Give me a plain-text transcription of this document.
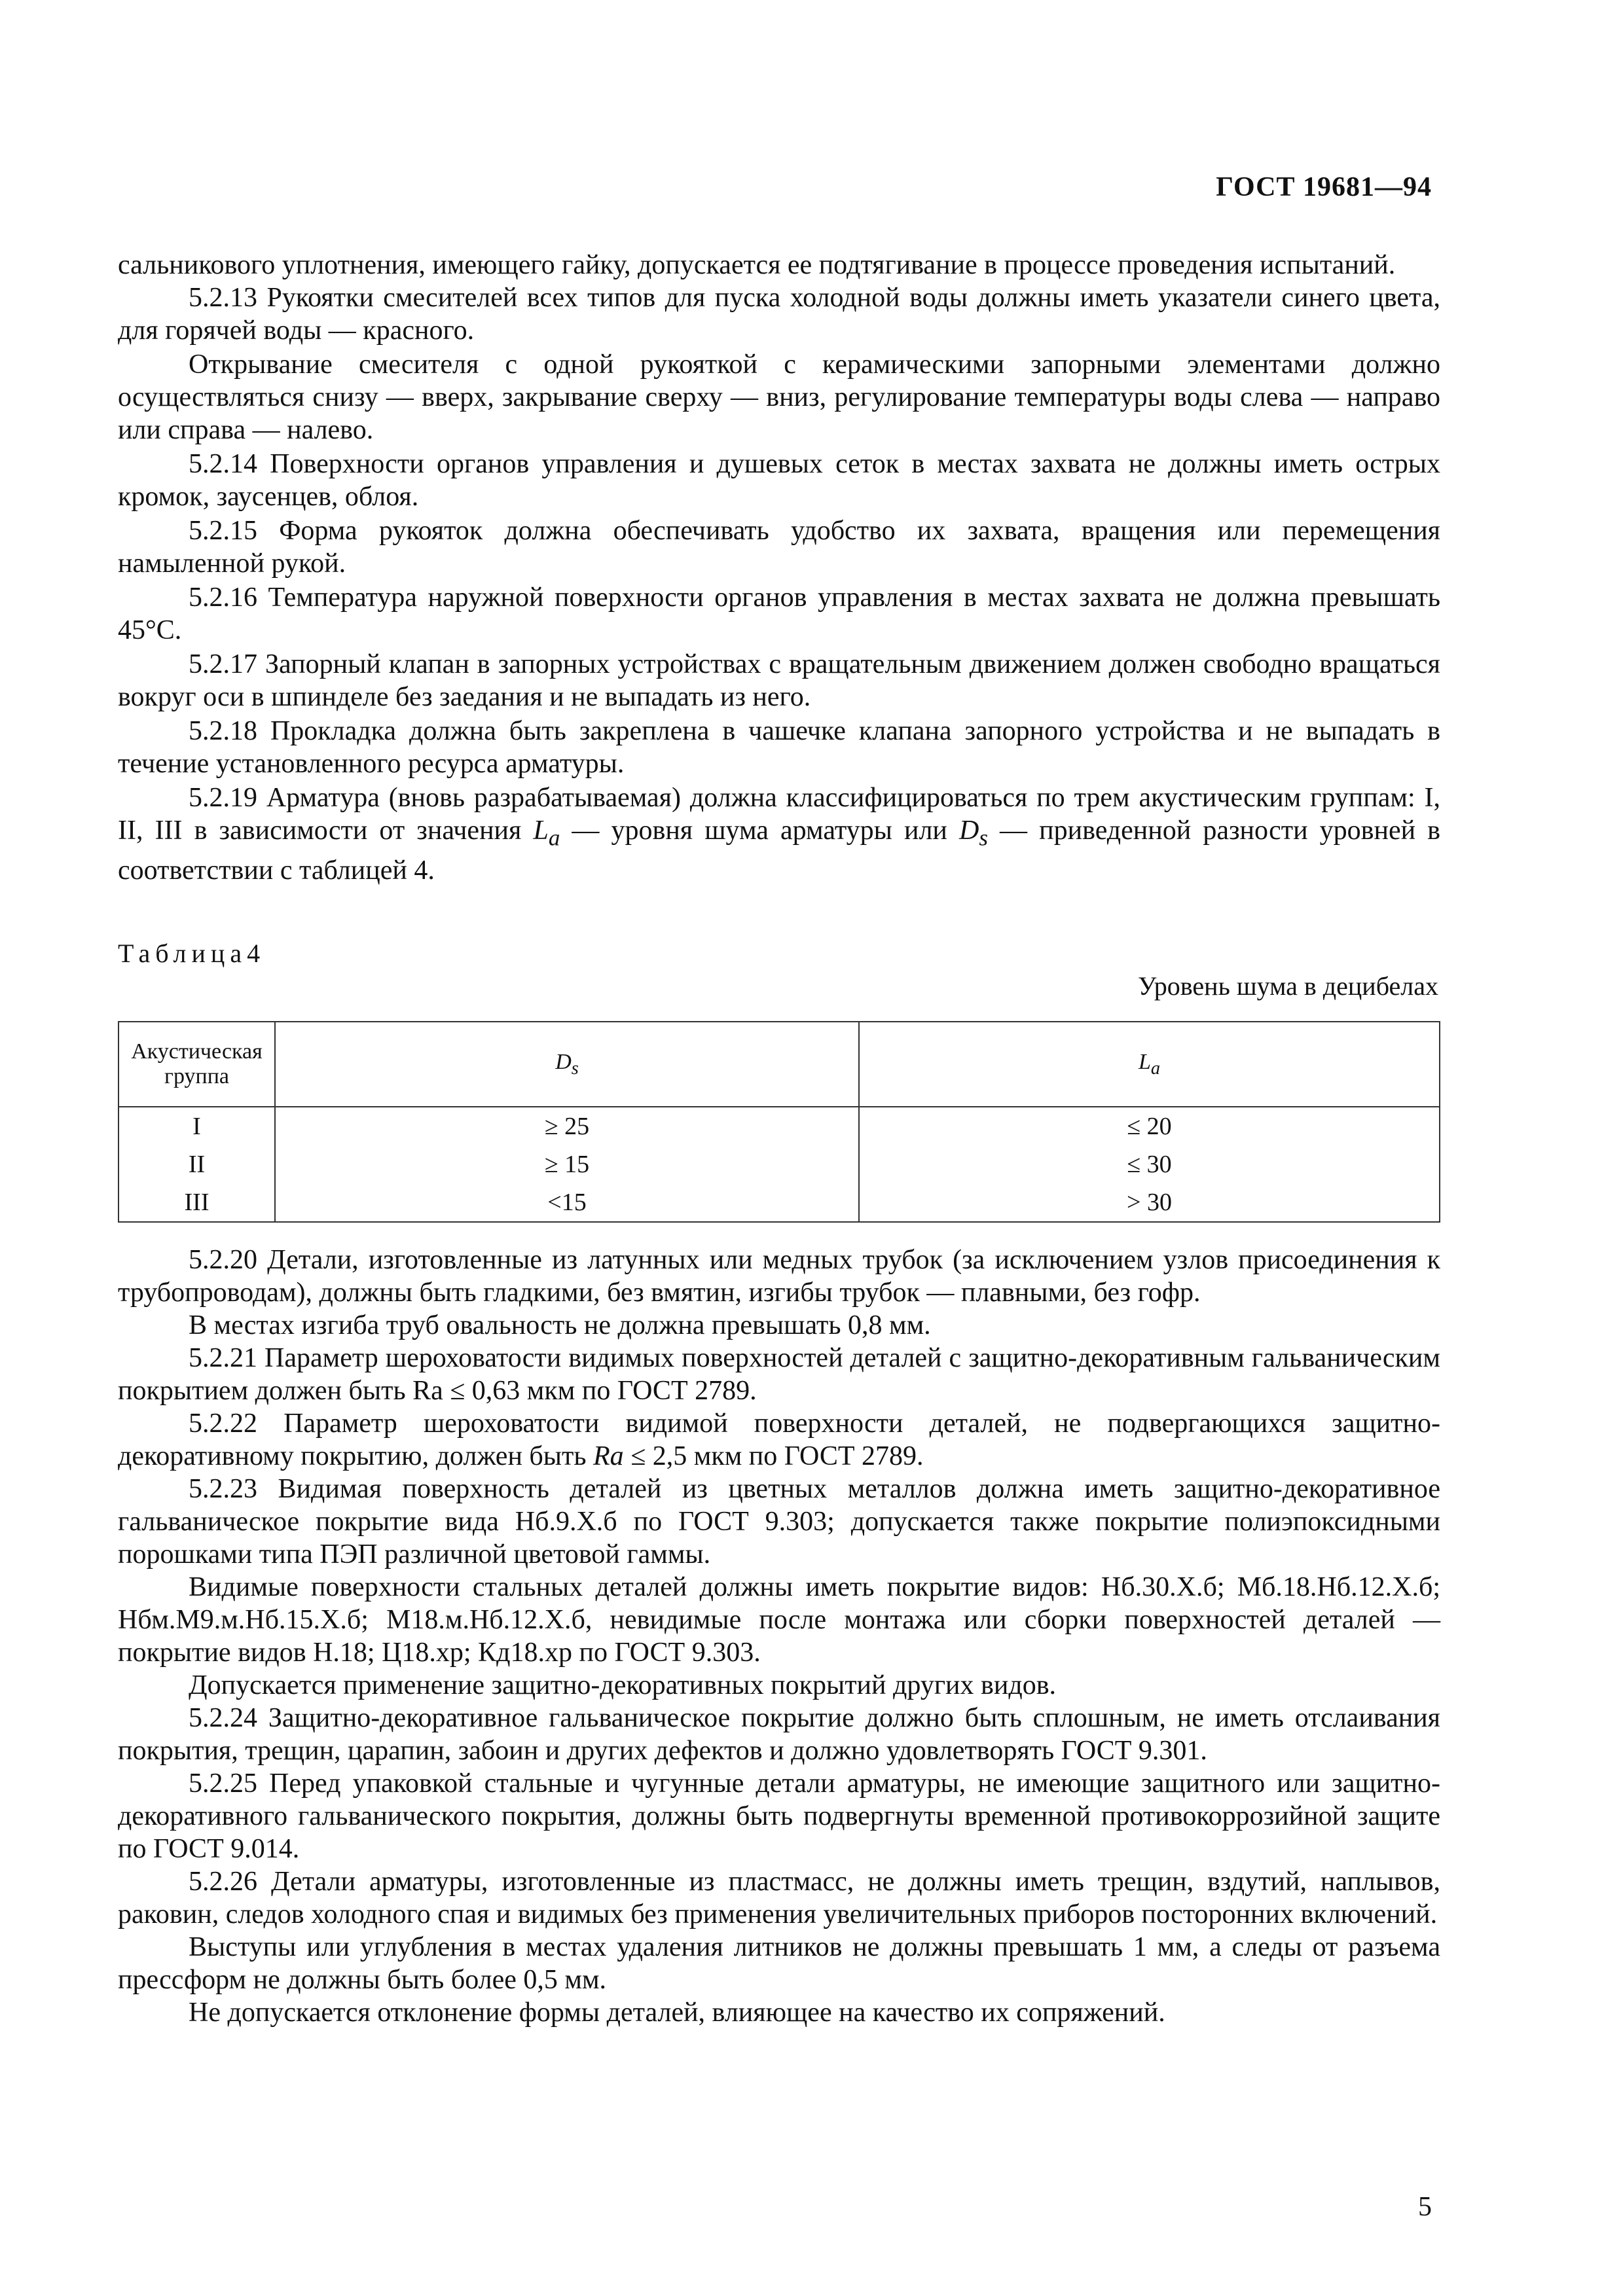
ГОСТ 19681—94

сальникового уплотнения, имеющего гайку, допускается ее подтягивание в процессе проведения испытаний.

5.2.13 Рукоятки смесителей всех типов для пуска холодной воды должны иметь указатели синего цвета, для горячей воды — красного.

Открывание смесителя с одной рукояткой с керамическими запорными элементами должно осуществляться снизу — вверх, закрывание сверху — вниз, регулирование температуры воды слева — направо или справа — налево.

5.2.14 Поверхности органов управления и душевых сеток в местах захвата не должны иметь острых кромок, заусенцев, облоя.

5.2.15 Форма рукояток должна обеспечивать удобство их захвата, вращения или перемещения намыленной рукой.

5.2.16 Температура наружной поверхности органов управления в местах захвата не должна превышать 45°С.

5.2.17 Запорный клапан в запорных устройствах с вращательным движением должен свободно вращаться вокруг оси в шпинделе без заедания и не выпадать из него.

5.2.18 Прокладка должна быть закреплена в чашечке клапана запорного устройства и не выпадать в течение установленного ресурса арматуры.

5.2.19 Арматура (вновь разрабатываемая) должна классифицироваться по трем акустическим группам: I, II, III в зависимости от значения $L_a$ — уровня шума арматуры или $D_s$ — приведенной разности уровней в соответствии с таблицей 4.

Таблица4
Уровень шума в децибелах
Акустическая группа	$D_s$	$L_a$
I	≥ 25	≤ 20
II	≥ 15	≤ 30
III	<15	> 30

5.2.20 Детали, изготовленные из латунных или медных трубок (за исключением узлов присоединения к трубопроводам), должны быть гладкими, без вмятин, изгибы трубок — плавными, без гофр.

В местах изгиба труб овальность не должна превышать 0,8 мм.

5.2.21 Параметр шероховатости видимых поверхностей деталей с защитно-декоративным гальваническим покрытием должен быть Ra ≤ 0,63 мкм по ГОСТ 2789.

5.2.22 Параметр шероховатости видимой поверхности деталей, не подвергающихся защитно-декоративному покрытию, должен быть Ra ≤ 2,5 мкм по ГОСТ 2789.

5.2.23 Видимая поверхность деталей из цветных металлов должна иметь защитно-декоративное гальваническое покрытие вида Нб.9.Х.б по ГОСТ 9.303; допускается также покрытие полиэпоксидными порошками типа ПЭП различной цветовой гаммы.

Видимые поверхности стальных деталей должны иметь покрытие видов: Нб.30.Х.б; Мб.18.Нб.12.Х.б; Нбм.М9.м.Нб.15.Х.б; М18.м.Нб.12.Х.б, невидимые после монтажа или сборки поверхностей деталей — покрытие видов Н.18; Ц18.хр; Кд18.хр по ГОСТ 9.303.

Допускается применение защитно-декоративных покрытий других видов.

5.2.24 Защитно-декоративное гальваническое покрытие должно быть сплошным, не иметь отслаивания покрытия, трещин, царапин, забоин и других дефектов и должно удовлетворять ГОСТ 9.301.

5.2.25 Перед упаковкой стальные и чугунные детали арматуры, не имеющие защитного или защитно-декоративного гальванического покрытия, должны быть подвергнуты временной противокоррозийной защите по ГОСТ 9.014.

5.2.26 Детали арматуры, изготовленные из пластмасс, не должны иметь трещин, вздутий, наплывов, раковин, следов холодного спая и видимых без применения увеличительных приборов посторонних включений.

Выступы или углубления в местах удаления литников не должны превышать 1 мм, а следы от разъема прессформ не должны быть более 0,5 мм.

Не допускается отклонение формы деталей, влияющее на качество их сопряжений.

5
